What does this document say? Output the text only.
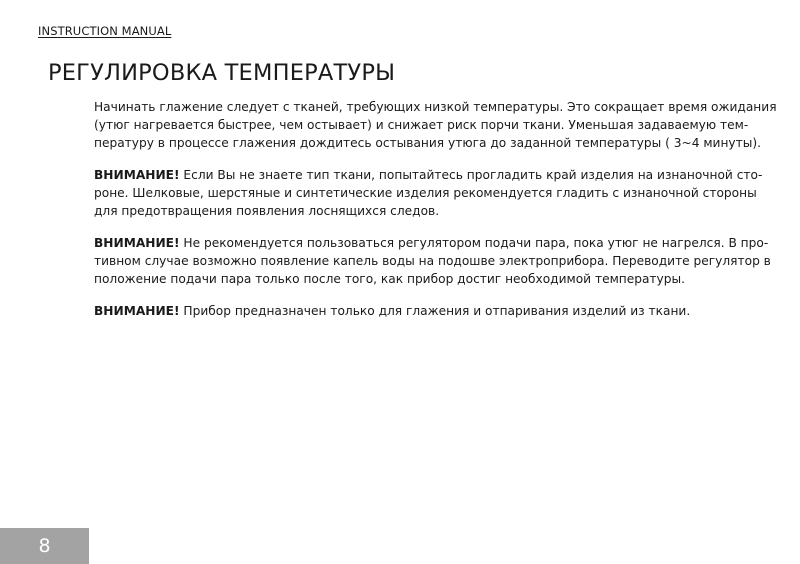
INSTRUCTION MANUAL
РЕГУЛИРОВКА ТЕМПЕРАТУРЫ

Начинать глажение следует с тканей, требующих низкой температуры. Это сокращает время ожидания
(утюг нагревается быстрее, чем остывает) и снижает риск порчи ткани. Уменьшая задаваемую тем-
пературу в процессе глажения дождитесь остывания утюга до заданной температуры ( 3~4 минуты).

ВНИМАНИЕ! Если Вы не знаете тип ткани, попытайтесь прогладить край изделия на изнаночной сто-
роне. Шелковые, шерстяные и синтетические изделия рекомендуется гладить с изнаночной стороны
для предотвращения появления лоснящихся следов.

ВНИМАНИЕ! Не рекомендуется пользоваться регулятором подачи пара, пока утюг не нагрелся. В про-
тивном случае возможно появление капель воды на подошве электроприбора. Переводите регулятор в
положение подачи пара только после того, как прибор достиг необходимой температуры.

ВНИМАНИЕ! Прибор предназначен только для глажения и отпаривания изделий из ткани.

8
